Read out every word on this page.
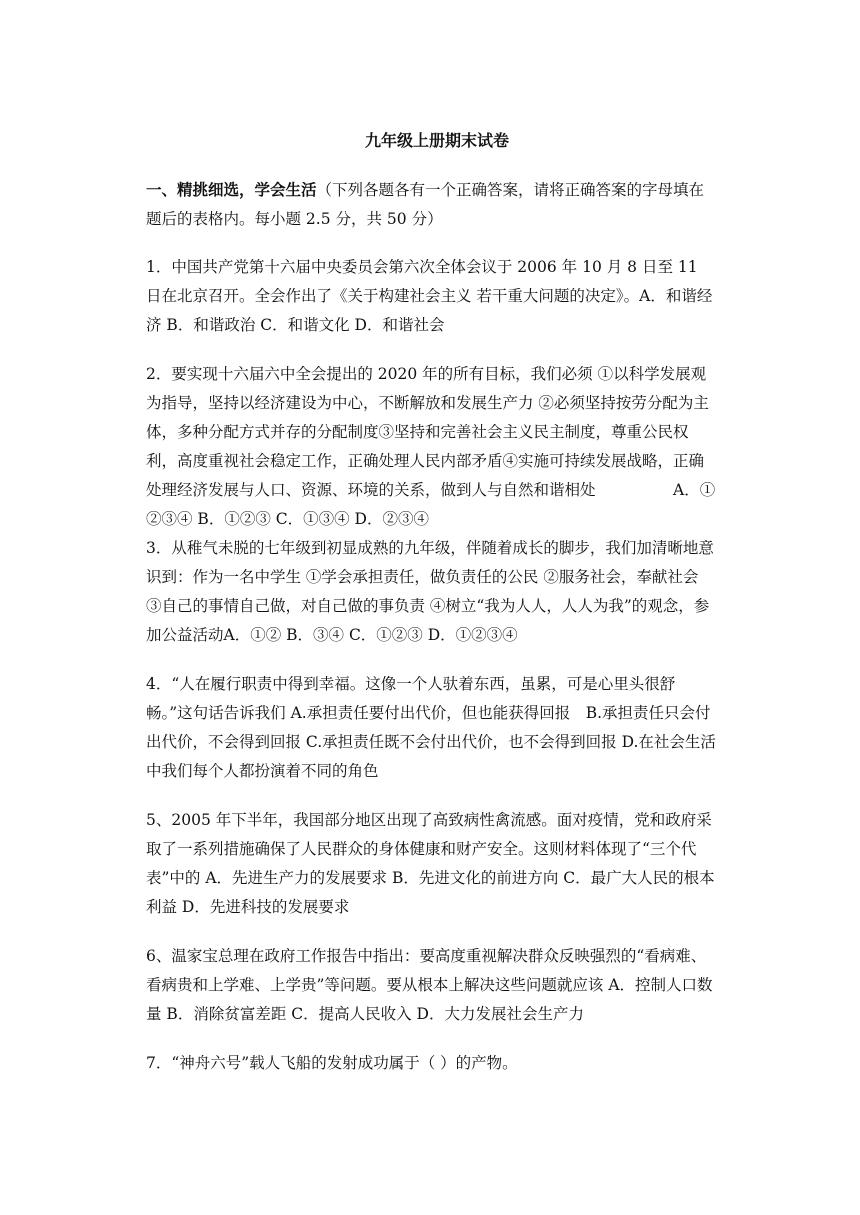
九年级上册期末试卷
一、精挑细选，学会生活（下列各题各有一个正确答案，请将正确答案的字母填在题后的表格内。每小题 2.5 分，共 50 分）
1．中国共产党第十六届中央委员会第六次全体会议于 2006 年 10 月 8 日至 11 日在北京召开。全会作出了《关于构建社会主义 若干重大问题的决定》。A．和谐经济 B．和谐政治 C．和谐文化 D．和谐社会
2．要实现十六届六中全会提出的 2020 年的所有目标，我们必须 ①以科学发展观为指导，坚持以经济建设为中心，不断解放和发展生产力 ②必须坚持按劳分配为主体，多种分配方式并存的分配制度③坚持和完善社会主义民主制度，尊重公民权利，高度重视社会稳定工作，正确处理人民内部矛盾④实施可持续发展战略，正确处理经济发展与人口、资源、环境的关系，做到人与自然和谐相处　　　　　A．①②③④ B．①②③ C．①③④ D．②③④
3．从稚气未脱的七年级到初显成熟的九年级，伴随着成长的脚步，我们加清晰地意识到：作为一名中学生 ①学会承担责任，做负责任的公民 ②服务社会，奉献社会 ③自己的事情自己做，对自己做的事负责 ④树立“我为人人，人人为我”的观念，参加公益活动A．①② B．③④ C．①②③ D．①②③④
4．“人在履行职责中得到幸福。这像一个人驮着东西，虽累，可是心里头很舒畅。”这句话告诉我们 A.承担责任要付出代价，但也能获得回报　B.承担责任只会付出代价，不会得到回报 C.承担责任既不会付出代价，也不会得到回报 D.在社会生活中我们每个人都扮演着不同的角色
5、2005 年下半年，我国部分地区出现了高致病性禽流感。面对疫情，党和政府采取了一系列措施确保了人民群众的身体健康和财产安全。这则材料体现了“三个代表”中的 A．先进生产力的发展要求 B．先进文化的前进方向 C．最广大人民的根本利益 D．先进科技的发展要求
6、温家宝总理在政府工作报告中指出：要高度重视解决群众反映强烈的“看病难、看病贵和上学难、上学贵”等问题。要从根本上解决这些问题就应该 A．控制人口数量 B．消除贫富差距 C．提高人民收入 D．大力发展社会生产力
7．“神舟六号”载人飞船的发射成功属于（ ）的产物。
